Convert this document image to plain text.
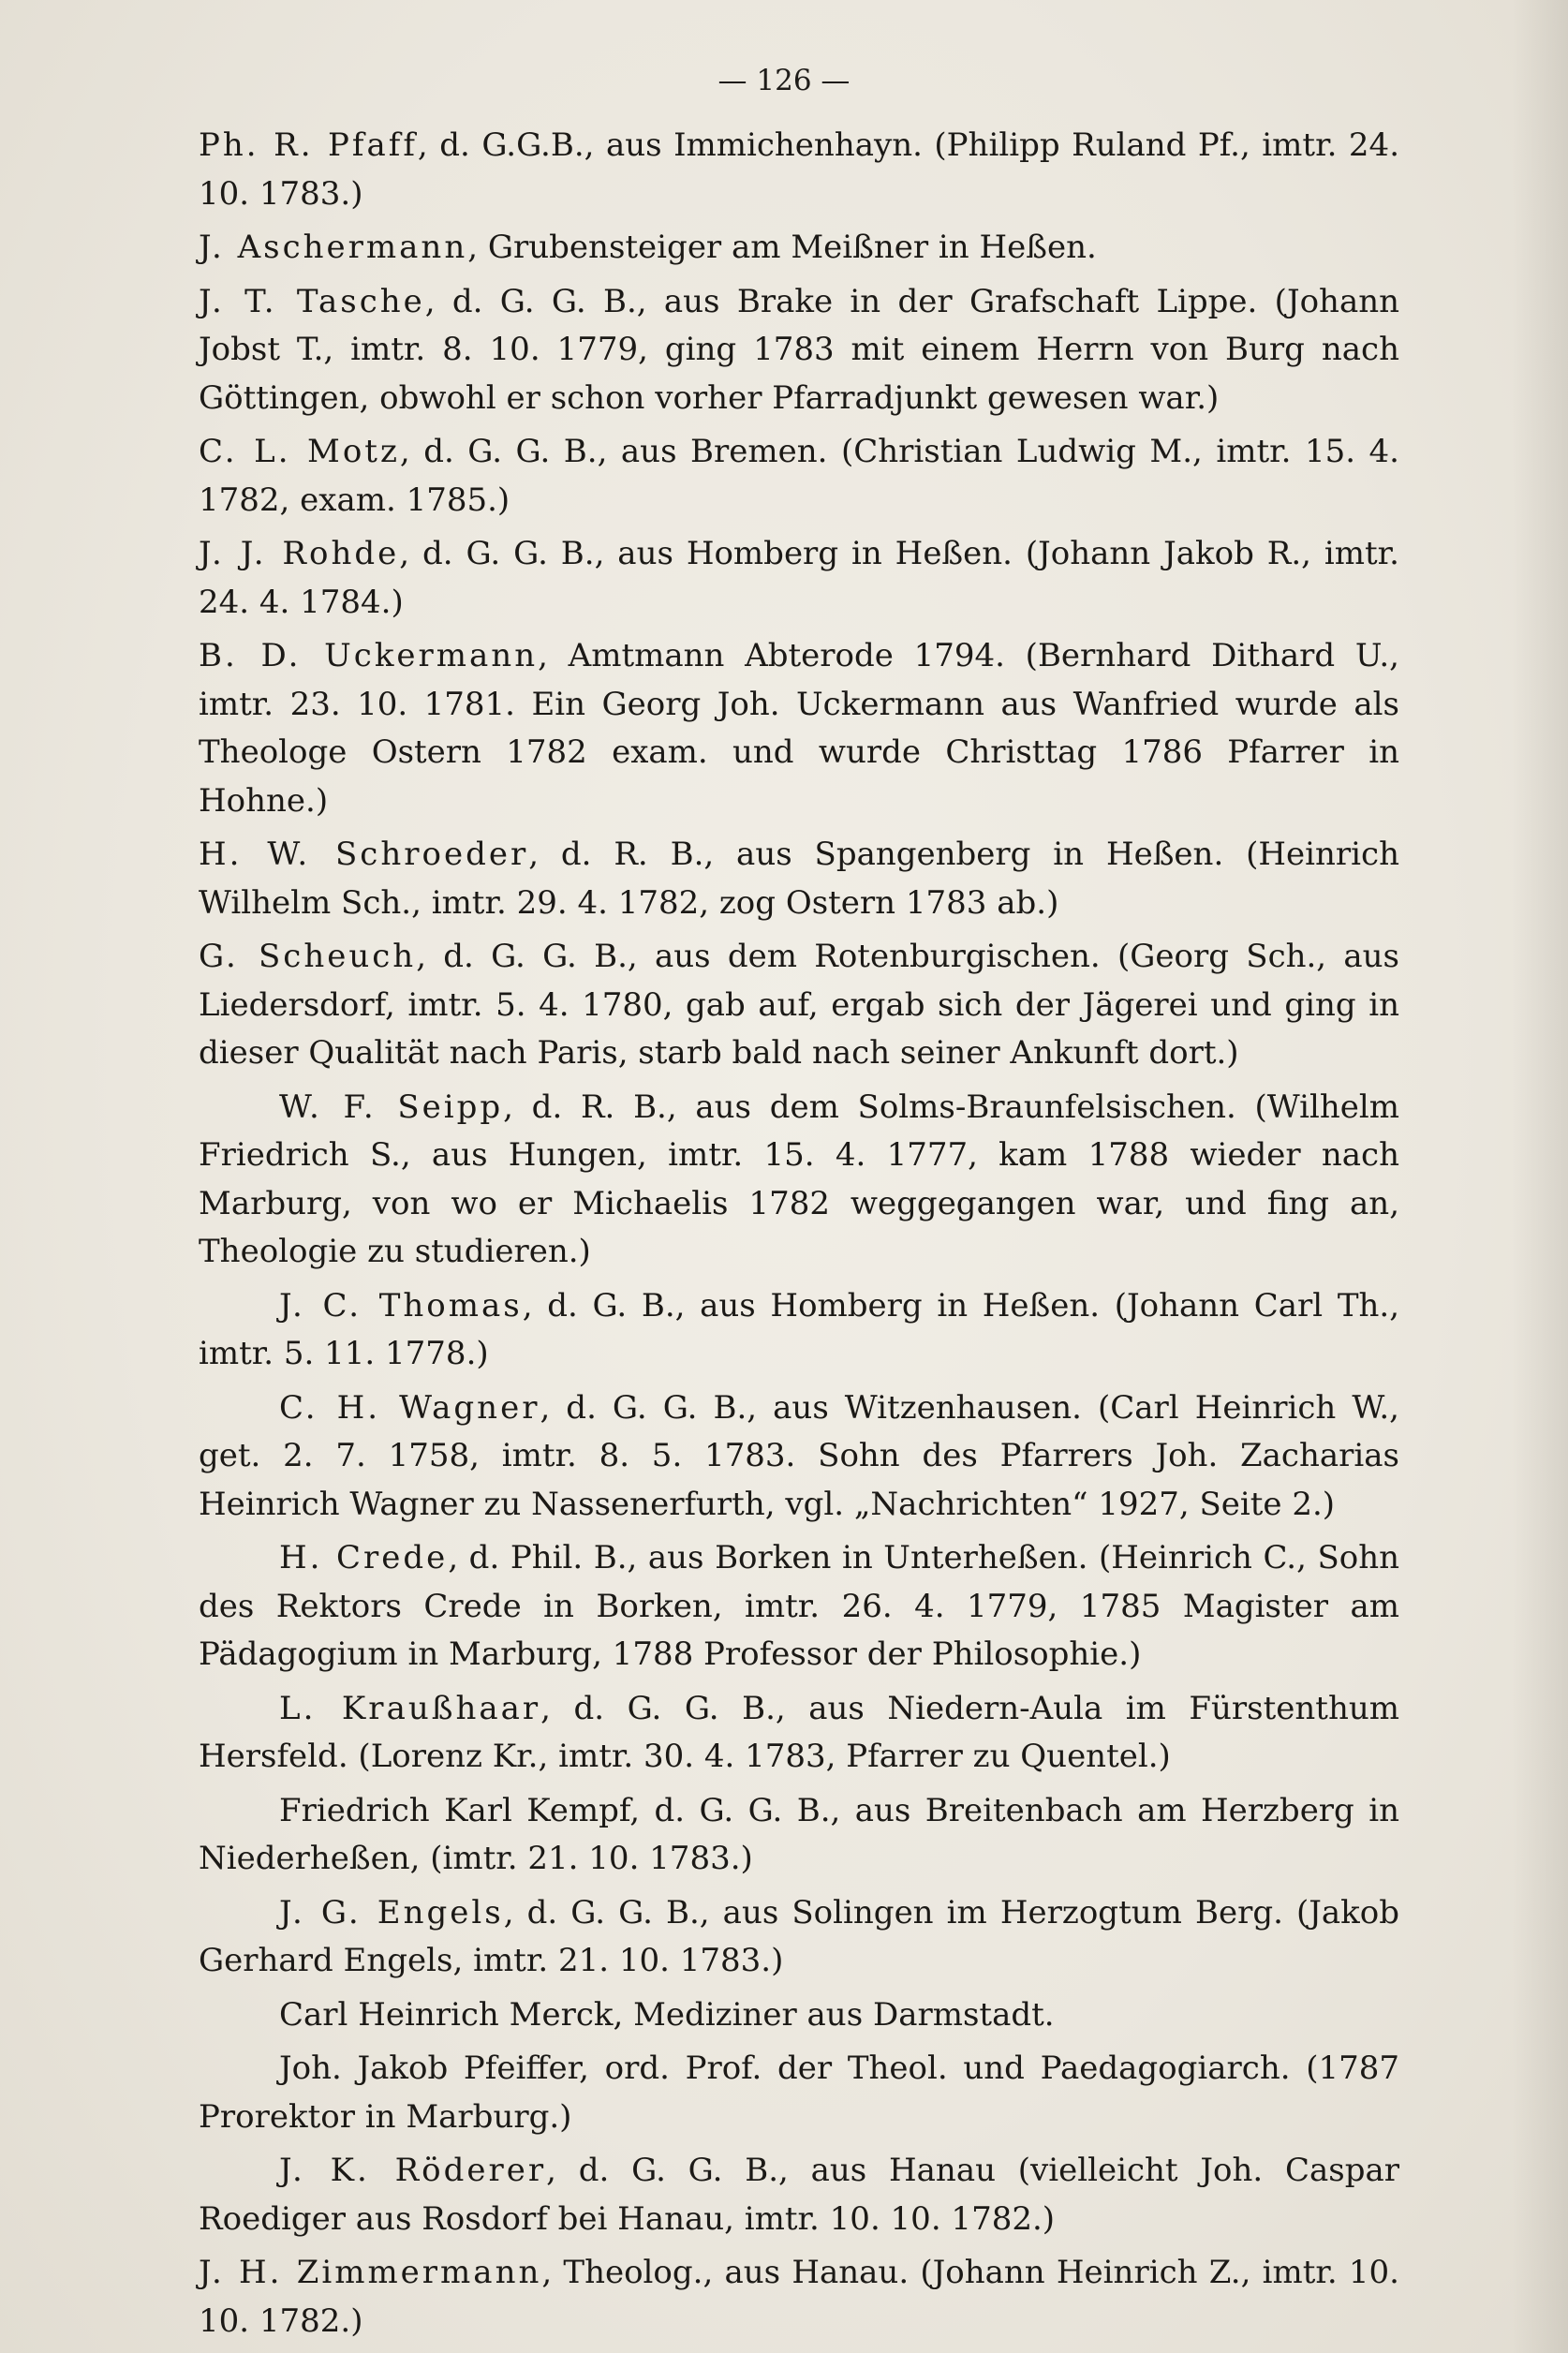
— 126 —

Ph. R. Pfaff, d. G.G.B., aus Immichenhayn. (Philipp Ruland Pf., imtr. 24. 10. 1783.)

J. Aschermann, Grubensteiger am Meißner in Heßen.

J. T. Tasche, d. G. G. B., aus Brake in der Grafschaft Lippe. (Johann Jobst T., imtr. 8. 10. 1779, ging 1783 mit einem Herrn von Burg nach Göttingen, obwohl er schon vorher Pfarradjunkt gewesen war.)

C. L. Motz, d. G. G. B., aus Bremen. (Christian Ludwig M., imtr. 15. 4. 1782, exam. 1785.)

J. J. Rohde, d. G. G. B., aus Homberg in Heßen. (Johann Jakob R., imtr. 24. 4. 1784.)

B. D. Uckermann, Amtmann Abterode 1794. (Bernhard Dithard U., imtr. 23. 10. 1781. Ein Georg Joh. Uckermann aus Wanfried wurde als Theologe Ostern 1782 exam. und wurde Christtag 1786 Pfarrer in Hohne.)

H. W. Schroeder, d. R. B., aus Spangenberg in Heßen. (Heinrich Wilhelm Sch., imtr. 29. 4. 1782, zog Ostern 1783 ab.)

G. Scheuch, d. G. G. B., aus dem Rotenburgischen. (Georg Sch., aus Liedersdorf, imtr. 5. 4. 1780, gab auf, ergab sich der Jägerei und ging in dieser Qualität nach Paris, starb bald nach seiner Ankunft dort.)

W. F. Seipp, d. R. B., aus dem Solms-Braunfelsischen. (Wilhelm Friedrich S., aus Hungen, imtr. 15. 4. 1777, kam 1788 wieder nach Marburg, von wo er Michaelis 1782 weggegangen war, und fing an, Theologie zu studieren.)

J. C. Thomas, d. G. B., aus Homberg in Heßen. (Johann Carl Th., imtr. 5. 11. 1778.)

C. H. Wagner, d. G. G. B., aus Witzenhausen. (Carl Heinrich W., get. 2. 7. 1758, imtr. 8. 5. 1783. Sohn des Pfarrers Joh. Zacharias Heinrich Wagner zu Nassenerfurth, vgl. „Nachrichten“ 1927, Seite 2.)

H. Crede, d. Phil. B., aus Borken in Unterheßen. (Heinrich C., Sohn des Rektors Crede in Borken, imtr. 26. 4. 1779, 1785 Magister am Pädagogium in Marburg, 1788 Professor der Philosophie.)

L. Kraußhaar, d. G. G. B., aus Niedern-Aula im Fürstenthum Hersfeld. (Lorenz Kr., imtr. 30. 4. 1783, Pfarrer zu Quentel.)

Friedrich Karl Kempf, d. G. G. B., aus Breitenbach am Herzberg in Niederheßen, (imtr. 21. 10. 1783.)

J. G. Engels, d. G. G. B., aus Solingen im Herzogtum Berg. (Jakob Gerhard Engels, imtr. 21. 10. 1783.)

Carl Heinrich Merck, Mediziner aus Darmstadt.

Joh. Jakob Pfeiffer, ord. Prof. der Theol. und Paedagogiarch. (1787 Prorektor in Marburg.)

J. K. Röderer, d. G. G. B., aus Hanau (vielleicht Joh. Caspar Roediger aus Rosdorf bei Hanau, imtr. 10. 10. 1782.)

J. H. Zimmermann, Theolog., aus Hanau. (Johann Heinrich Z., imtr. 10. 10. 1782.)
